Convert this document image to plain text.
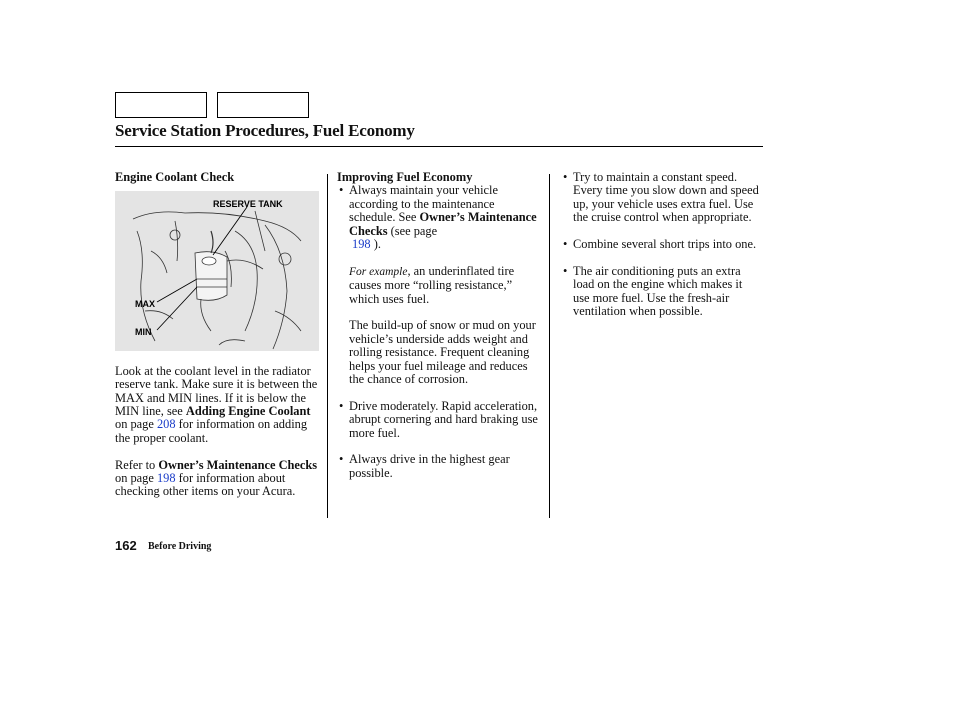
Service Station Procedures, Fuel Economy
Engine Coolant Check
RESERVE TANK
MAX
MIN

Look at the coolant level in the radiator reserve tank. Make sure it is between the MAX and MIN lines. If it is below the MIN line, see Adding Engine Coolant on page 208 for information on adding the proper coolant.

Refer to Owner’s Maintenance Checks on page 198 for information about checking other items on your Acura.

Improving Fuel Economy
• Always maintain your vehicle according to the maintenance schedule. See Owner’s Maintenance Checks (see page
198 ).

For example, an underinflated tire causes more “rolling resistance,” which uses fuel.

The build-up of snow or mud on your vehicle’s underside adds weight and rolling resistance. Frequent cleaning helps your fuel mileage and reduces the chance of corrosion.

• Drive moderately. Rapid acceleration, abrupt cornering and hard braking use more fuel.
• Always drive in the highest gear possible.
• Try to maintain a constant speed. Every time you slow down and speed up, your vehicle uses extra fuel. Use the cruise control when appropriate.
• Combine several short trips into one.
• The air conditioning puts an extra load on the engine which makes it use more fuel. Use the fresh-air ventilation when possible.
162 Before Driving
